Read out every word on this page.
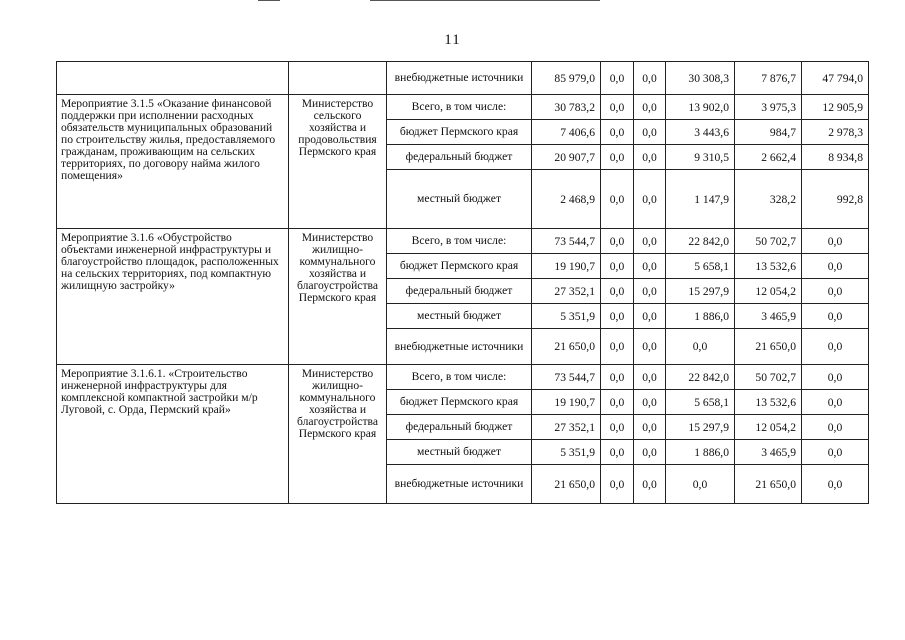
11
		внебюджетные источники	85 979,0	0,0	0,0	30 308,3	7 876,7	47 794,0
Мероприятие 3.1.5 «Оказание финансовой поддержки при исполнении расходных обязательств муниципальных образований по строительству жилья, предоставляемого гражданам, проживающим на сельских территориях, по договору найма жилого помещения»	Министерство сельского хозяйства и продовольствия Пермского края	Всего, в том числе:	30 783,2	0,0	0,0	13 902,0	3 975,3	12 905,9
		бюджет Пермского края	7 406,6	0,0	0,0	3 443,6	984,7	2 978,3
		федеральный бюджет	20 907,7	0,0	0,0	9 310,5	2 662,4	8 934,8
		местный бюджет	2 468,9	0,0	0,0	1 147,9	328,2	992,8
Мероприятие 3.1.6 «Обустройство объектами инженерной инфраструктуры и благоустройство площадок, расположенных на сельских территориях, под компактную жилищную застройку»	Министерство жилищно-коммунального хозяйства и благоустройства Пермского края	Всего, в том числе:	73 544,7	0,0	0,0	22 842,0	50 702,7	0,0
		бюджет Пермского края	19 190,7	0,0	0,0	5 658,1	13 532,6	0,0
		федеральный бюджет	27 352,1	0,0	0,0	15 297,9	12 054,2	0,0
		местный бюджет	5 351,9	0,0	0,0	1 886,0	3 465,9	0,0
		внебюджетные источники	21 650,0	0,0	0,0	0,0	21 650,0	0,0
Мероприятие 3.1.6.1. «Строительство инженерной инфраструктуры для комплексной компактной застройки м/р Луговой, с. Орда, Пермский край»	Министерство жилищно-коммунального хозяйства и благоустройства Пермского края	Всего, в том числе:	73 544,7	0,0	0,0	22 842,0	50 702,7	0,0
		бюджет Пермского края	19 190,7	0,0	0,0	5 658,1	13 532,6	0,0
		федеральный бюджет	27 352,1	0,0	0,0	15 297,9	12 054,2	0,0
		местный бюджет	5 351,9	0,0	0,0	1 886,0	3 465,9	0,0
		внебюджетные источники	21 650,0	0,0	0,0	0,0	21 650,0	0,0
